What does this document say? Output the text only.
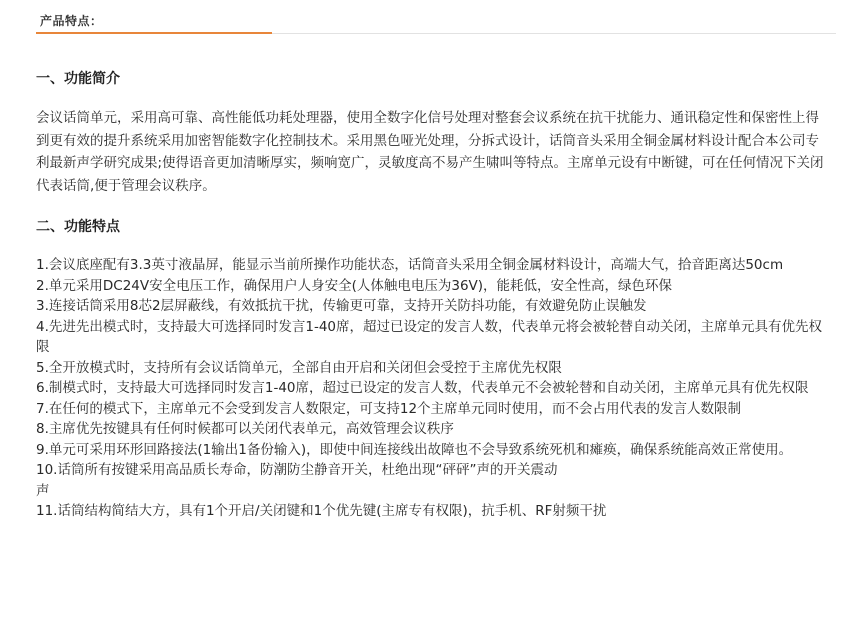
产品特点：
一、功能简介

会议话筒单元，采用高可靠、高性能低功耗处理器，使用全数字化信号处理对整套会议系统在抗干扰能力、通讯稳定性和保密性上得到更有效的提升系统采用加密智能数字化控制技术。采用黑色哑光处理，分拆式设计，话筒音头采用全铜金属材料设计配合本公司专利最新声学研究成果;使得语音更加清晰厚实，频响宽广，灵敏度高不易产生啸叫等特点。主席单元设有中断键，可在任何情况下关闭代表话筒,便于管理会议秩序。

二、功能特点
1.会议底座配有3.3英寸液晶屏，能显示当前所操作功能状态，话筒音头采用全铜金属材料设计，高端大气，拾音距离达50cm
2.单元采用DC24V安全电压工作，确保用户人身安全(人体触电电压为36V)，能耗低，安全性高，绿色环保
3.连接话筒采用8芯2层屏蔽线，有效抵抗干扰，传输更可靠，支持开关防抖功能，有效避免防止误触发
4.先进先出模式时，支持最大可选择同时发言1-40席，超过已设定的发言人数，代表单元将会被轮替自动关闭，主席单元具有优先权限
5.全开放模式时，支持所有会议话筒单元，全部自由开启和关闭但会受控于主席优先权限
6.制模式时，支持最大可选择同时发言1-40席，超过已设定的发言人数，代表单元不会被轮替和自动关闭，主席单元具有优先权限
7.在任何的模式下，主席单元不会受到发言人数限定，可支持12个主席单元同时使用，而不会占用代表的发言人数限制
8.主席优先按键具有任何时候都可以关闭代表单元，高效管理会议秩序
9.单元可采用环形回路接法(1输出1备份输入)，即使中间连接线出故障也不会导致系统死机和瘫痪，确保系统能高效正常使用。
10.话筒所有按键采用高品质长寿命，防潮防尘静音开关，杜绝出现“砰砰”声的开关震动
声
11.话筒结构简结大方，具有1个开启/关闭键和1个优先键(主席专有权限)，抗手机、RF射频干扰
